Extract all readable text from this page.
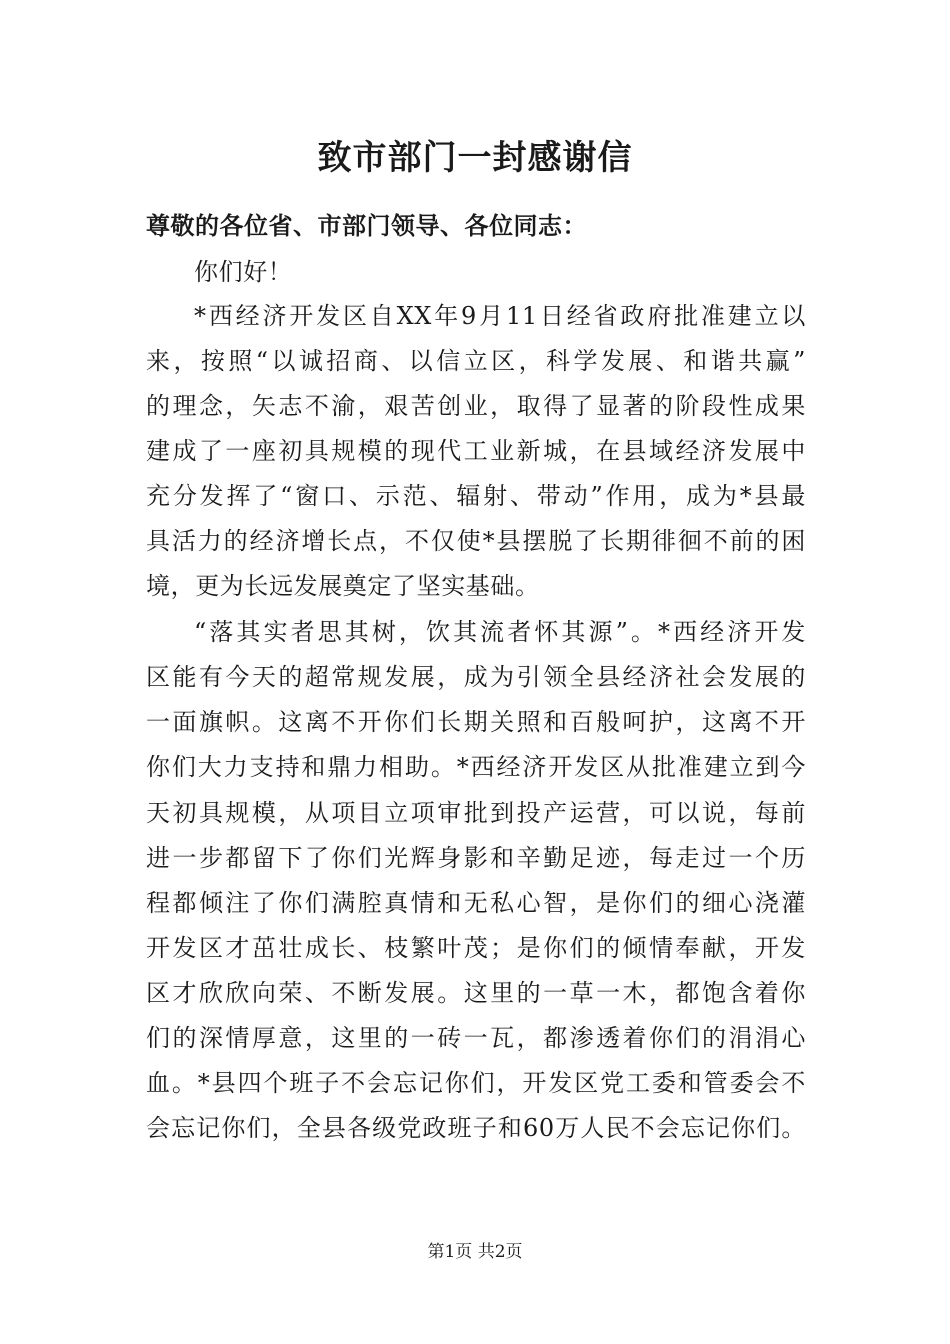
致市部门一封感谢信
尊敬的各位省、市部门领导、各位同志：
你们好！
*西经济开发区自XX年9月11日经省政府批准建立以
来，按照“以诚招商、以信立区，科学发展、和谐共赢”
的理念，矢志不渝，艰苦创业，取得了显著的阶段性成果
建成了一座初具规模的现代工业新城，在县域经济发展中
充分发挥了“窗口、示范、辐射、带动”作用，成为*县最
具活力的经济增长点，不仅使*县摆脱了长期徘徊不前的困
境，更为长远发展奠定了坚实基础。
“落其实者思其树，饮其流者怀其源”。*西经济开发
区能有今天的超常规发展，成为引领全县经济社会发展的
一面旗帜。这离不开你们长期关照和百般呵护，这离不开
你们大力支持和鼎力相助。*西经济开发区从批准建立到今
天初具规模，从项目立项审批到投产运营，可以说，每前
进一步都留下了你们光辉身影和辛勤足迹，每走过一个历
程都倾注了你们满腔真情和无私心智，是你们的细心浇灌
开发区才茁壮成长、枝繁叶茂；是你们的倾情奉献，开发
区才欣欣向荣、不断发展。这里的一草一木，都饱含着你
们的深情厚意，这里的一砖一瓦，都渗透着你们的涓涓心
血。*县四个班子不会忘记你们，开发区党工委和管委会不
会忘记你们，全县各级党政班子和60万人民不会忘记你们。
第1页 共2页
